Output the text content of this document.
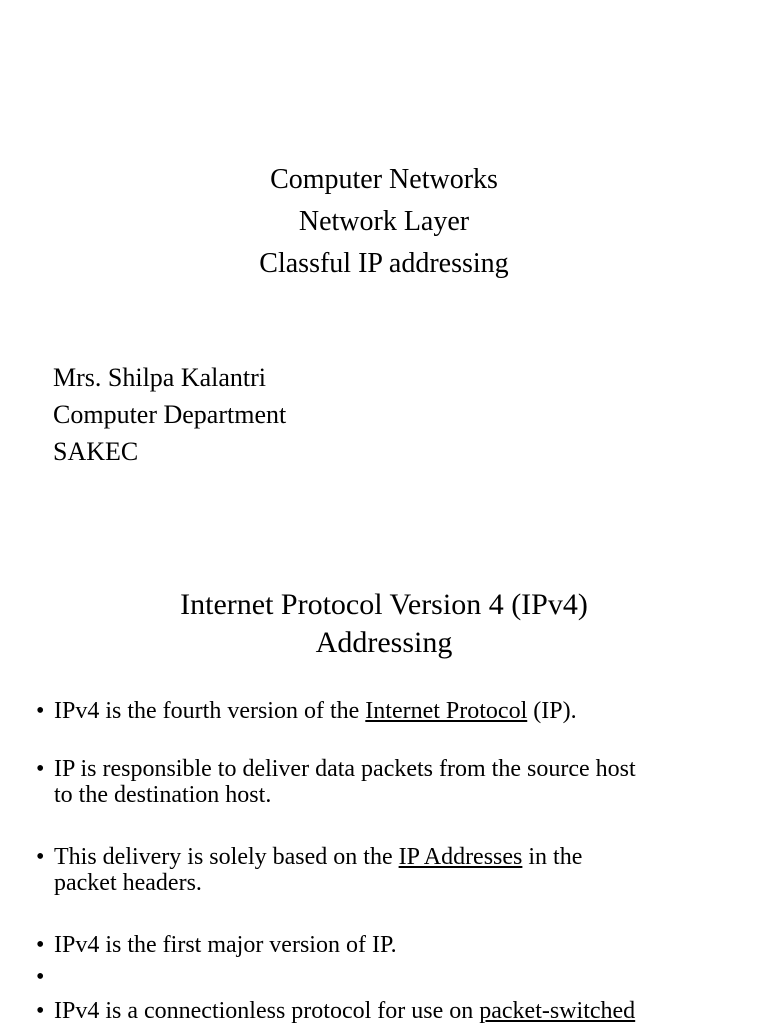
Computer Networks
Network Layer
Classful IP addressing
Mrs. Shilpa Kalantri
Computer Department
SAKEC
Internet Protocol Version 4 (IPv4)
Addressing
• IPv4 is the fourth version of the Internet Protocol (IP).
• IP is responsible to deliver data packets from the source host
to the destination host.
• This delivery is solely based on the IP Addresses in the
packet headers.
• IPv4 is the first major version of IP.
•
• IPv4 is a connectionless protocol for use on packet-switched
